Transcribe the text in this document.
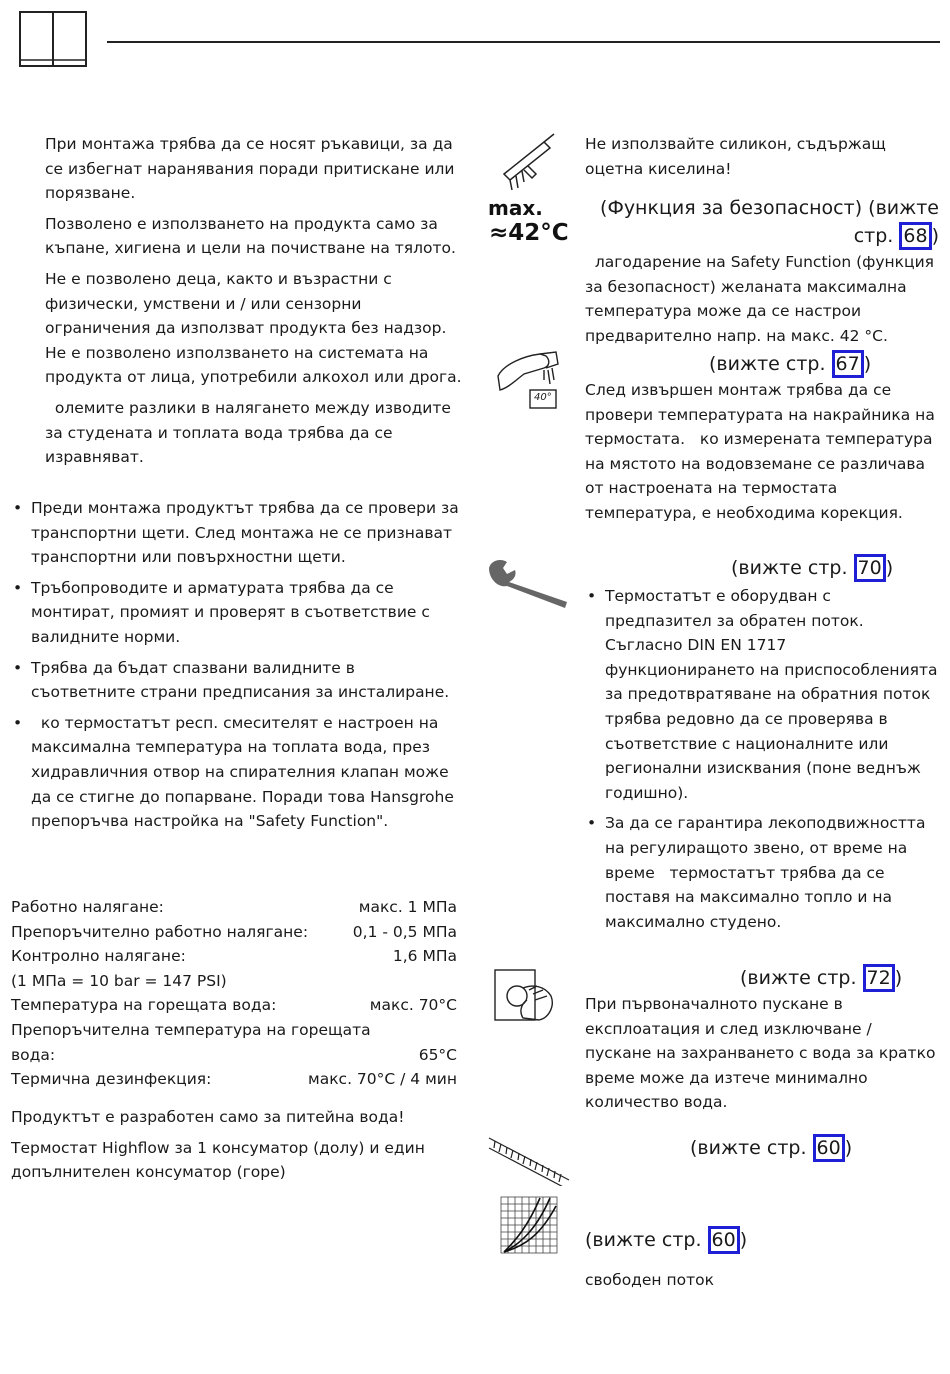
При монтажа трябва да се носят ръкавици, за да се избегнат наранявания поради притискане или порязване.

Позволено е използването на продукта само за къпане, хигиена и цели на почистване на тялото.

Не е позволено деца, както и възрастни с физически, умствени и / или сензорни ограничения да използват продукта без надзор. Не е позволено използването на системата на продукта от лица, употребили алкохол или дрога.

олемите разлики в налягането между изводите за студената и топлата вода трябва да се изравняват.

• Преди монтажа продуктът трябва да се провери за транспортни щети. След монтажа не се признават транспортни или повърхностни щети.
• Тръбопроводите и арматурата трябва да се монтират, промият и проверят в съответствие с валидните норми.
• Трябва да бъдат спазвани валидните в съответните страни предписания за инсталиране.
•   ко термостатът респ. смесителят е настроен на максимална температура на топлата вода, през хидравличния отвор на спирателния клапан може да се стигне до попарване. Поради това Hansgrohe препоръчва настройка на "Safety Function".
Работно налягане:	макс. 1 МПа
Препоръчително работно налягане:	0,1 - 0,5 МПа
Контролно налягане:	1,6 МПа
(1 МПа = 10 bar = 147 PSI)
Температура на горещата вода:	макс. 70°C
Препоръчителна температура на горещата
вода:	65°C
Термична дезинфекция:	макс. 70°C / 4 мин

Продуктът е разработен само за питейна вода!

Термостат Highflow за 1 консуматор (долу) и един допълнителен консуматор (горе)

Не използвайте силикон, съдържащ оцетна киселина!
max.
≈42°C
(Функция за безопасност) (вижте стр. 68 )
лагодарение на Safety Function (функция за безопасност) желаната максимална температура може да се настрои предварително напр. на макс. 42 °C.
40°
(вижте стр. 67 )
След извършен монтаж трябва да се провери температурата на накрайника на термостата.   ко измерената температура на мястото на водовземане се различава от настроената на термостата температура, е необходима корекция.
(вижте стр. 70 )
• Термостатът е оборудван с предпазител за обратен поток. Съгласно DIN EN 1717 функционирането на приспособленията за предотвратяване на обратния поток трябва редовно да се проверява в съответствие с националните или регионални изисквания (поне веднъж годишно).
• За да се гарантира лекоподвижността на регулиращото звено, от време на време   термостатът трябва да се поставя на максимално топло и на максимално студено.
(вижте стр. 72 )
При първоначалното пускане в експлоатация и след изключване / пускане на захранването с вода за кратко време може да изтече минимално количество вода.
(вижте стр. 60 )
(вижте стр. 60 )
свободен поток
